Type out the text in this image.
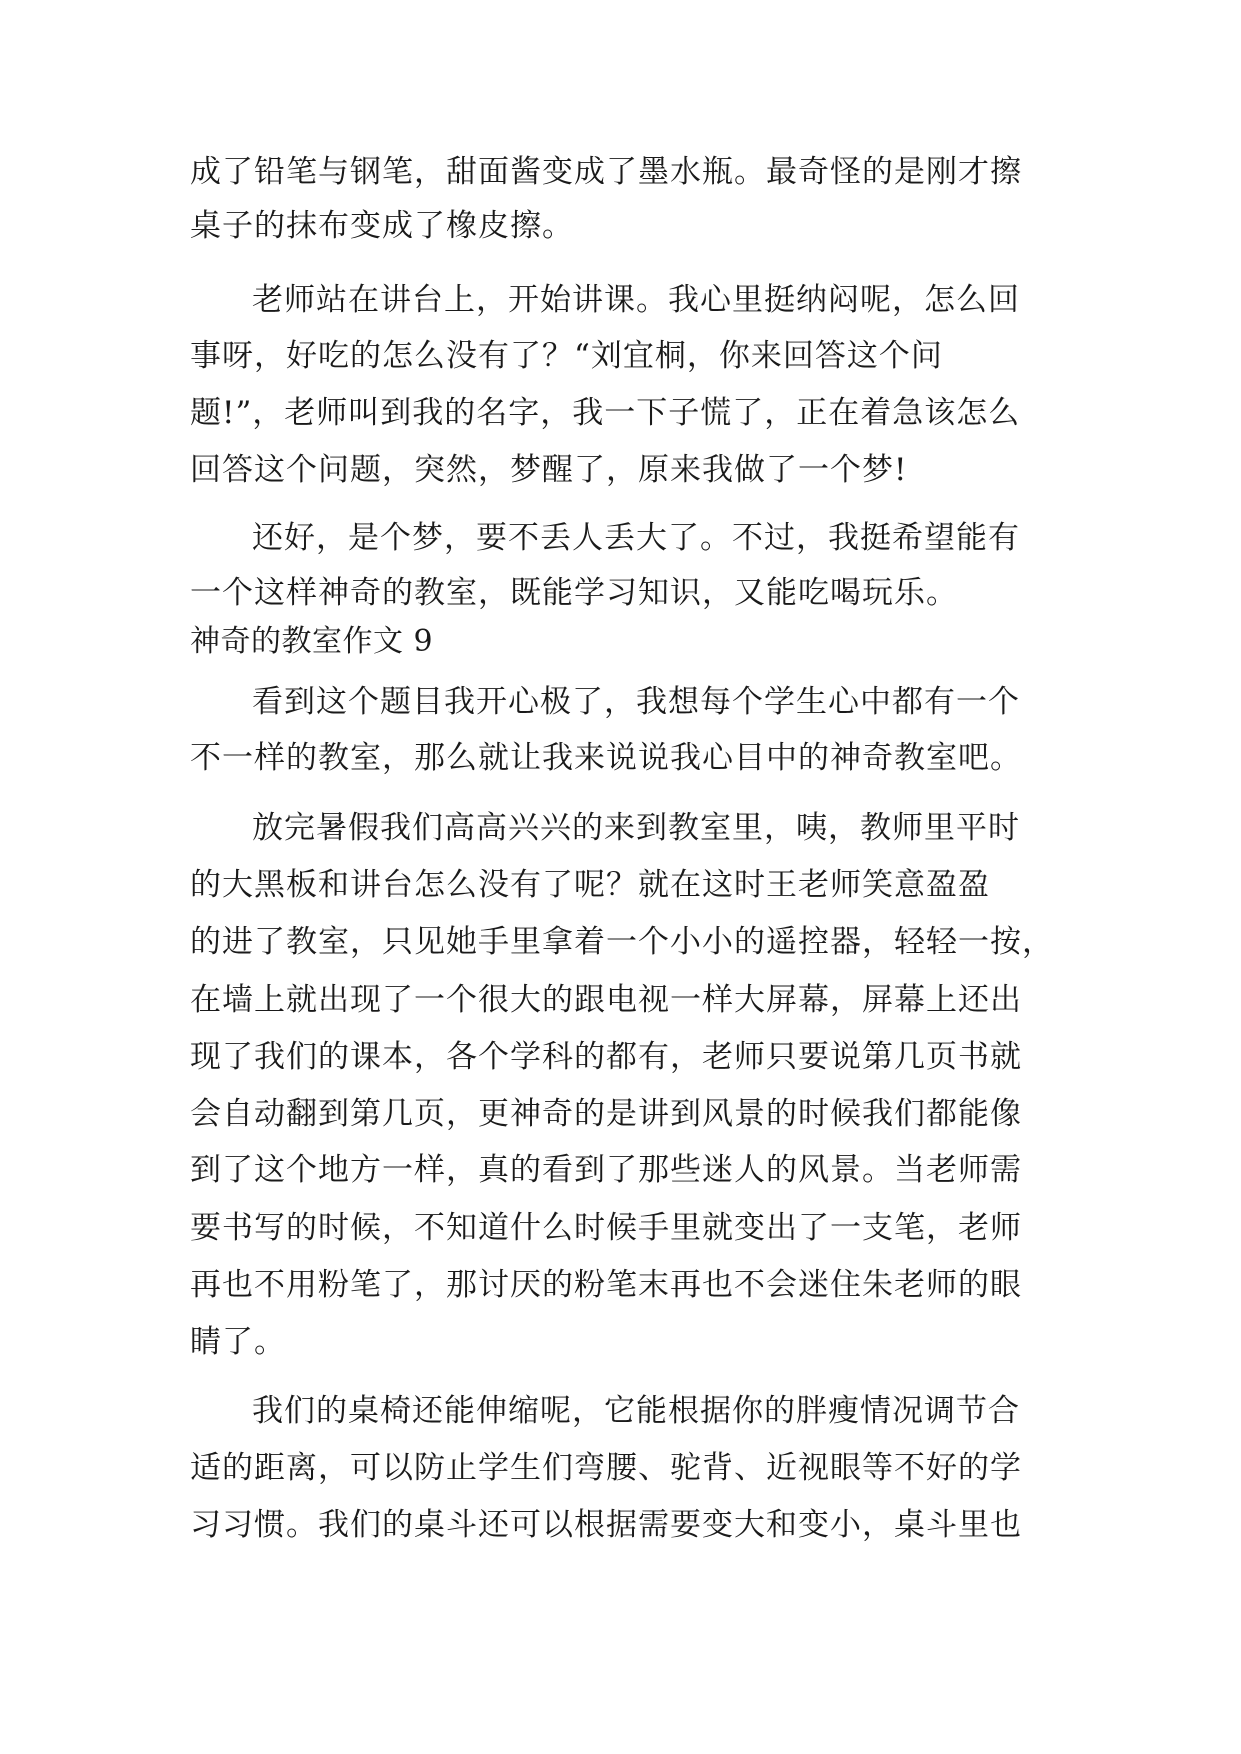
成了铅笔与钢笔，甜面酱变成了墨水瓶。最奇怪的是刚才擦
桌子的抹布变成了橡皮擦。
老师站在讲台上，开始讲课。我心里挺纳闷呢，怎么回
事呀，好吃的怎么没有了？“刘宜桐，你来回答这个问
题!”，老师叫到我的名字，我一下子慌了，正在着急该怎么
回答这个问题，突然，梦醒了，原来我做了一个梦!
还好，是个梦，要不丢人丢大了。不过，我挺希望能有
一个这样神奇的教室，既能学习知识，又能吃喝玩乐。
神奇的教室作文 9
看到这个题目我开心极了，我想每个学生心中都有一个
不一样的教室，那么就让我来说说我心目中的神奇教室吧。
放完暑假我们高高兴兴的来到教室里，咦，教师里平时
的大黑板和讲台怎么没有了呢？就在这时王老师笑意盈盈
的进了教室，只见她手里拿着一个小小的遥控器，轻轻一按，
在墙上就出现了一个很大的跟电视一样大屏幕，屏幕上还出
现了我们的课本，各个学科的都有，老师只要说第几页书就
会自动翻到第几页，更神奇的是讲到风景的时候我们都能像
到了这个地方一样，真的看到了那些迷人的风景。当老师需
要书写的时候，不知道什么时候手里就变出了一支笔，老师
再也不用粉笔了，那讨厌的粉笔末再也不会迷住朱老师的眼
睛了。
我们的桌椅还能伸缩呢，它能根据你的胖瘦情况调节合
适的距离，可以防止学生们弯腰、驼背、近视眼等不好的学
习习惯。我们的桌斗还可以根据需要变大和变小，桌斗里也
